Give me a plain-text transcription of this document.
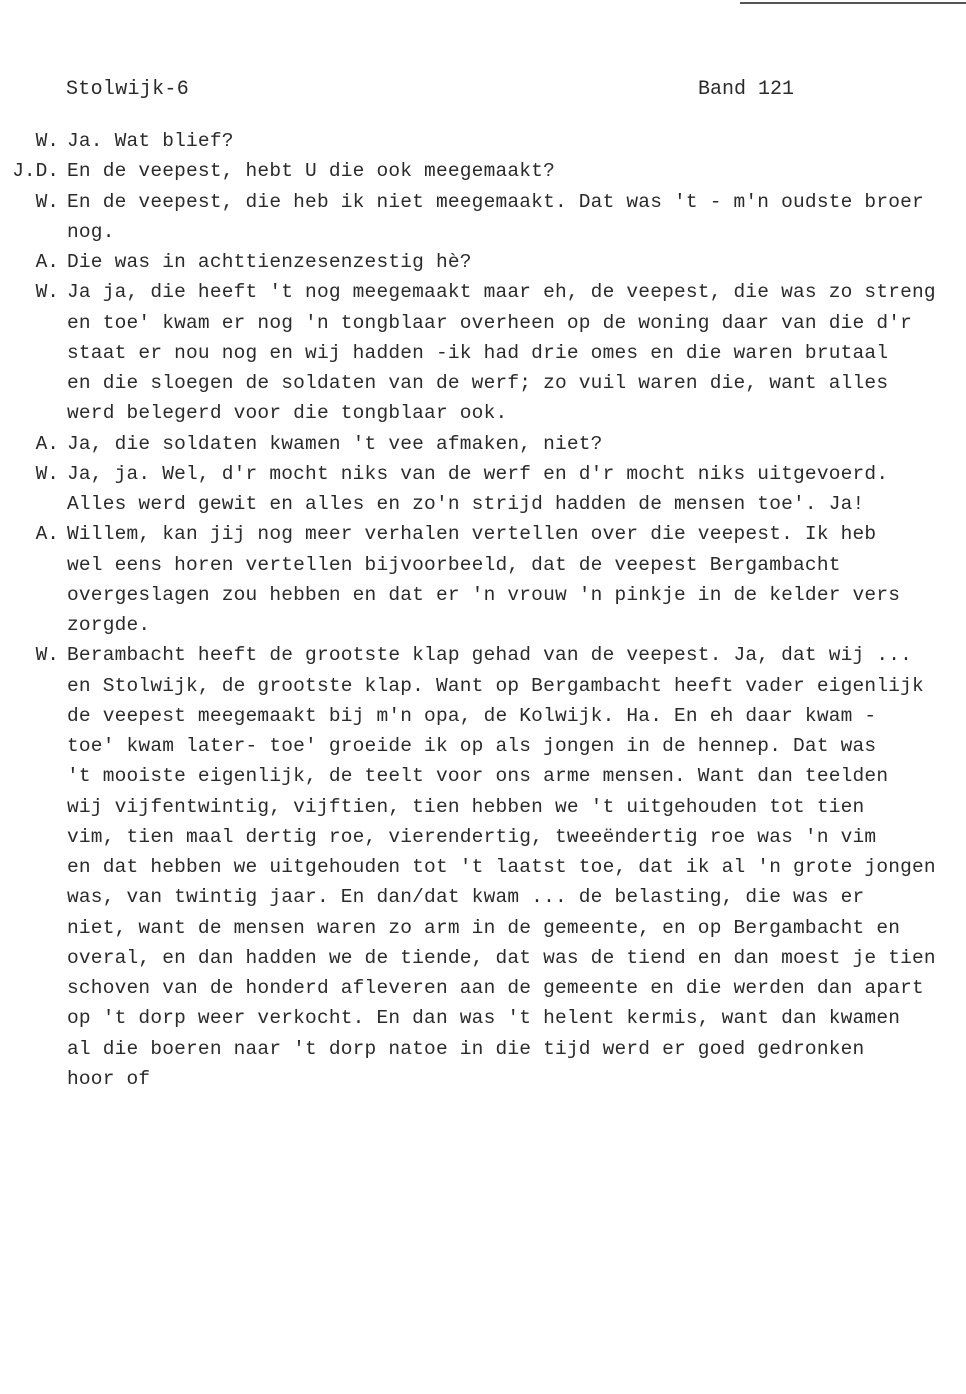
Stolwijk-6	Band 121
W. Ja. Wat blief?
J.D. En de veepest, hebt U die ook meegemaakt?
W. En de veepest, die heb ik niet meegemaakt. Dat was 't - m'n oudste broer
nog.
A. Die was in achttienzesenzestig hè?
W. Ja ja, die heeft 't nog meegemaakt maar eh, de veepest, die was zo streng
en toe' kwam er nog 'n tongblaar overheen op de woning daar van die d'r
staat er nou nog en wij hadden -ik had drie omes en die waren brutaal
en die sloegen de soldaten van de werf; zo vuil waren die, want alles
werd belegerd voor die tongblaar ook.
A. Ja, die soldaten kwamen 't vee afmaken, niet?
W. Ja, ja. Wel, d'r mocht niks van de werf en d'r mocht niks uitgevoerd.
Alles werd gewit en alles en zo'n strijd hadden de mensen toe'. Ja!
A. Willem, kan jij nog meer verhalen vertellen over die veepest. Ik heb
wel eens horen vertellen bijvoorbeeld, dat de veepest Bergambacht
overgeslagen zou hebben en dat er 'n vrouw 'n pinkje in de kelder vers
zorgde.
W. Berambacht heeft de grootste klap gehad van de veepest. Ja, dat wij ...
en Stolwijk, de grootste klap. Want op Bergambacht heeft vader eigenlijk
de veepest meegemaakt bij m'n opa, de Kolwijk. Ha. En eh daar kwam -
toe' kwam later- toe' groeide ik op als jongen in de hennep. Dat was
't mooiste eigenlijk, de teelt voor ons arme mensen. Want dan teelden
wij vijfentwintig, vijftien, tien hebben we 't uitgehouden tot tien
vim, tien maal dertig roe, vierendertig, tweeëndertig roe was 'n vim
en dat hebben we uitgehouden tot 't laatst toe, dat ik al 'n grote jongen
was, van twintig jaar. En dan/dat kwam ... de belasting, die was er
niet, want de mensen waren zo arm in de gemeente, en op Bergambacht en
overal, en dan hadden we de tiende, dat was de tiend en dan moest je tien
schoven van de honderd afleveren aan de gemeente en die werden dan apart
op 't dorp weer verkocht. En dan was 't helent kermis, want dan kwamen
al die boeren naar 't dorp natoe in die tijd werd er goed gedronken
hoor of
